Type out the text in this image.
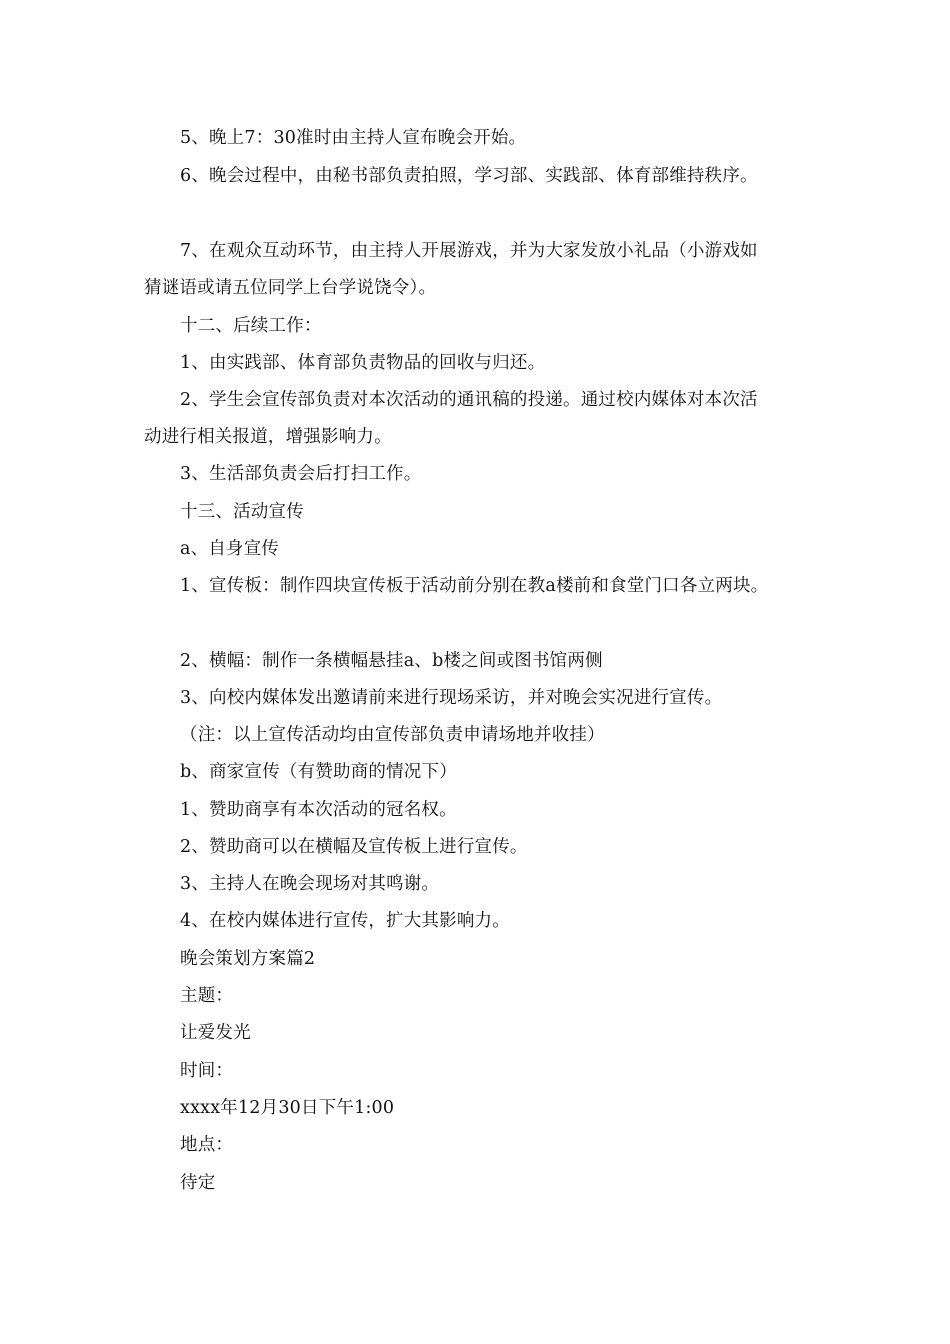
5、晚上7：30准时由主持人宣布晚会开始。
6、晚会过程中，由秘书部负责拍照，学习部、实践部、体育部维持秩序。
7、在观众互动环节，由主持人开展游戏，并为大家发放小礼品（小游戏如
猜谜语或请五位同学上台学说饶令）。
十二、后续工作：
1、由实践部、体育部负责物品的回收与归还。
2、学生会宣传部负责对本次活动的通讯稿的投递。通过校内媒体对本次活
动进行相关报道，增强影响力。
3、生活部负责会后打扫工作。
十三、活动宣传
a、自身宣传
1、宣传板：制作四块宣传板于活动前分别在教a楼前和食堂门口各立两块。
2、横幅：制作一条横幅悬挂a、b楼之间或图书馆两侧
3、向校内媒体发出邀请前来进行现场采访，并对晚会实况进行宣传。
（注：以上宣传活动均由宣传部负责申请场地并收挂）
b、商家宣传（有赞助商的情况下）
1、赞助商享有本次活动的冠名权。
2、赞助商可以在横幅及宣传板上进行宣传。
3、主持人在晚会现场对其鸣谢。
4、在校内媒体进行宣传，扩大其影响力。
晚会策划方案篇2
主题：
让爱发光
时间：
xxxx年12月30日下午1:00
地点：
待定
